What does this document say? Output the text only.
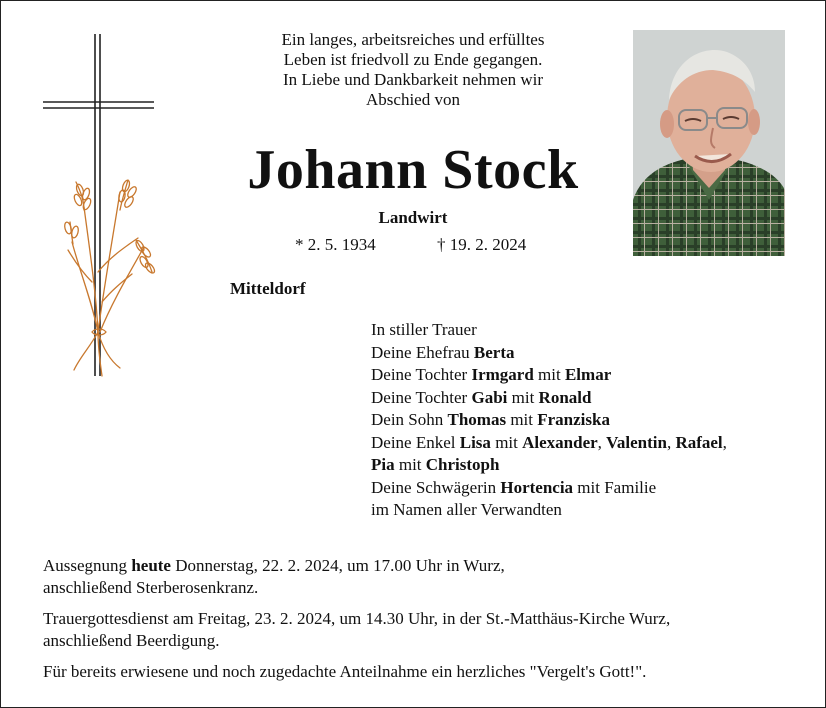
Ein langes, arbeitsreiches und erfülltes
Leben ist friedvoll zu Ende gegangen.
In Liebe und Dankbarkeit nehmen wir
Abschied von
Johann Stock
Landwirt
* 2. 5. 1934	† 19. 2. 2024
Mitteldorf
In stiller Trauer
Deine Ehefrau Berta
Deine Tochter Irmgard mit Elmar
Deine Tochter Gabi mit Ronald
Dein Sohn Thomas mit Franziska
Deine Enkel Lisa mit Alexander, Valentin, Rafael,
Pia mit Christoph
Deine Schwägerin Hortencia mit Familie
im Namen aller Verwandten
Aussegnung heute Donnerstag, 22. 2. 2024, um 17.00 Uhr in Wurz,
anschließend Sterberosenkranz.
Trauergottesdienst am Freitag, 23. 2. 2024, um 14.30 Uhr, in der St.-Matthäus-Kirche Wurz,
anschließend Beerdigung.
Für bereits erwiesene und noch zugedachte Anteilnahme ein herzliches "Vergelt's Gott!".
